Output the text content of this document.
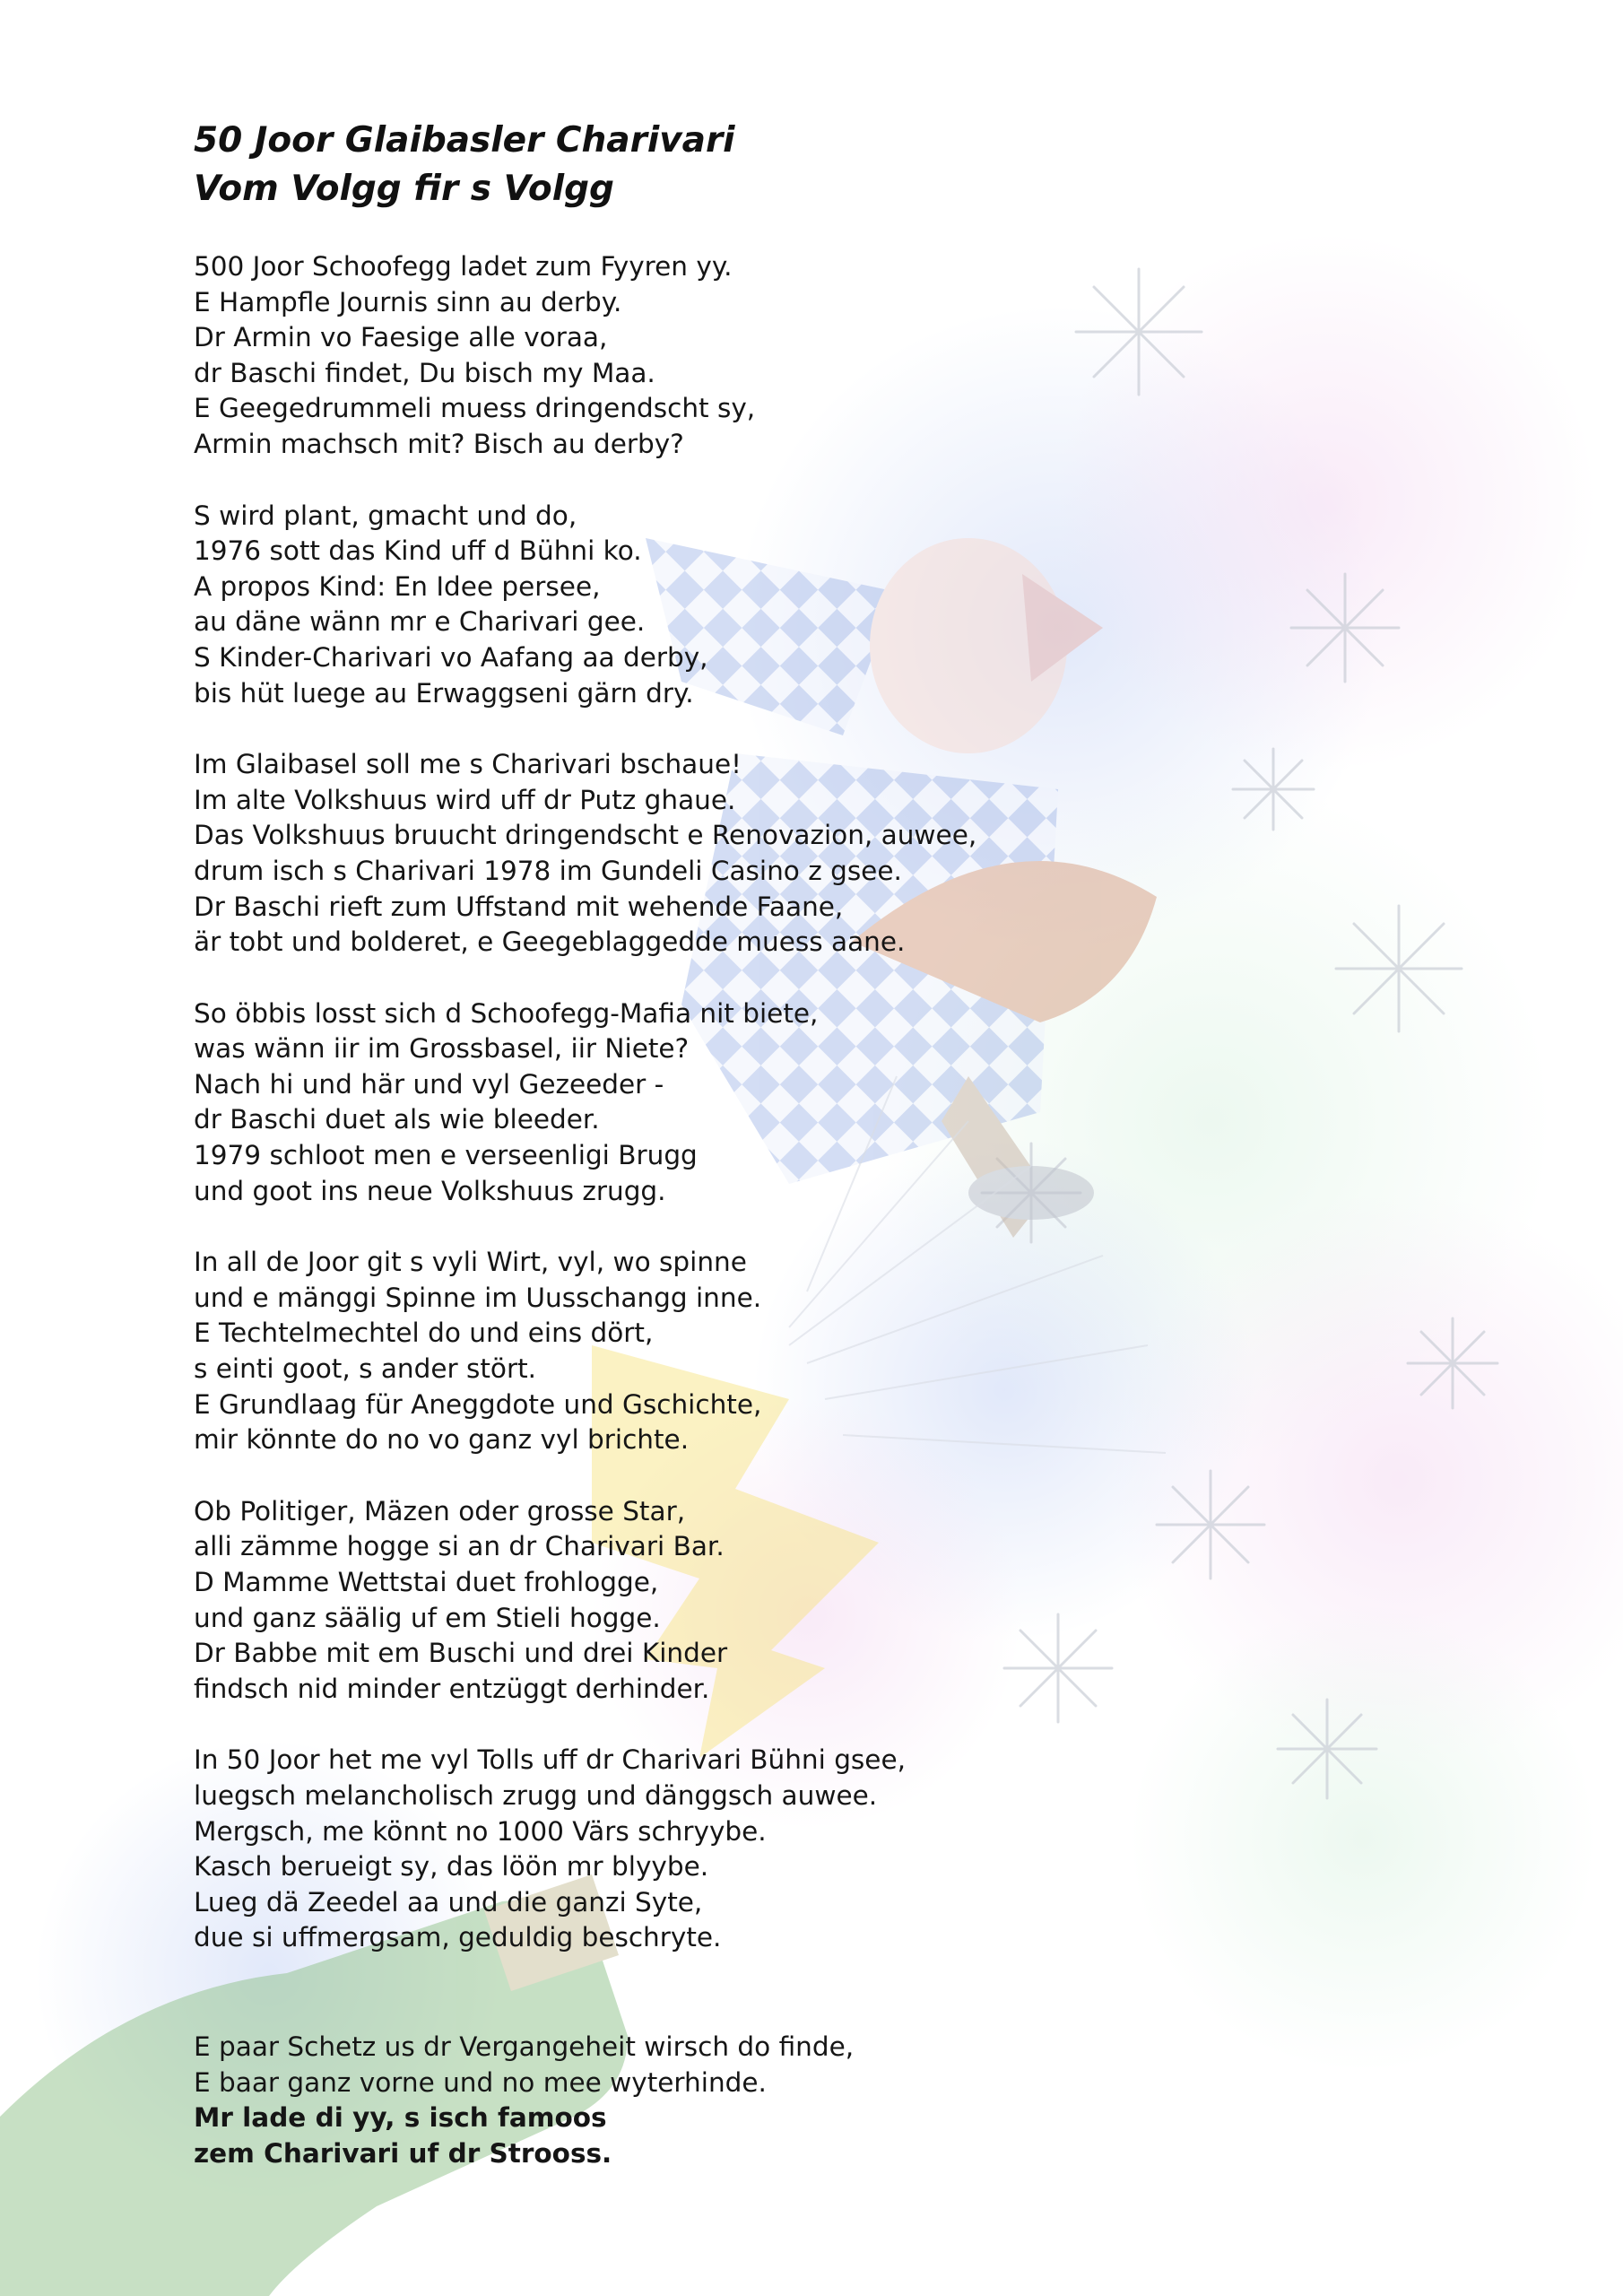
50 Joor Glaibasler Charivari
Vom Volgg fir s Volgg
500 Joor Schoofegg ladet zum Fyyren yy.
E Hampfle Journis sinn au derby.
Dr Armin vo Faesige alle voraa,
dr Baschi findet, Du bisch my Maa.
E Geegedrummeli muess dringendscht sy,
Armin machsch mit? Bisch au derby?
S wird plant, gmacht und do,
1976 sott das Kind uff d Bühni ko.
A propos Kind: En Idee persee,
au däne wänn mr e Charivari gee.
S Kinder-Charivari vo Aafang aa derby,
bis hüt luege au Erwaggseni gärn dry.
Im Glaibasel soll me s Charivari bschaue!
Im alte Volkshuus wird uff dr Putz ghaue.
Das Volkshuus bruucht dringendscht e Renovazion, auwee,
drum isch s Charivari 1978 im Gundeli Casino z gsee.
Dr Baschi rieft zum Uffstand mit wehende Faane,
är tobt und bolderet, e Geegeblaggedde muess aane.
So öbbis losst sich d Schoofegg-Mafia nit biete,
was wänn iir im Grossbasel, iir Niete?
Nach hi und här und vyl Gezeeder -
dr Baschi duet als wie bleeder.
1979 schloot men e verseenligi Brugg
und goot ins neue Volkshuus zrugg.
In all de Joor git s vyli Wirt, vyl, wo spinne
und e mänggi Spinne im Uusschangg inne.
E Techtelmechtel do und eins dört,
s einti goot, s ander stört.
E Grundlaag für Aneggdote und Gschichte,
mir könnte do no vo ganz vyl brichte.
Ob Politiger, Mäzen oder grosse Star,
alli zämme hogge si an dr Charivari Bar.
D Mamme Wettstai duet frohlogge,
und ganz säälig uf em Stieli hogge.
Dr Babbe mit em Buschi und drei Kinder
findsch nid minder entzüggt derhinder.
In 50 Joor het me vyl Tolls uff dr Charivari Bühni gsee,
luegsch melancholisch zrugg und dänggsch auwee.
Mergsch, me könnt no 1000 Värs schryybe.
Kasch berueigt sy, das löön mr blyybe.
Lueg dä Zeedel aa und die ganzi Syte,
due si uffmergsam, geduldig beschryte.
E paar Schetz us dr Vergangeheit wirsch do finde,
E baar ganz vorne und no mee wyterhinde.
Mr lade di yy, s isch famoos
zem Charivari uf dr Strooss.
